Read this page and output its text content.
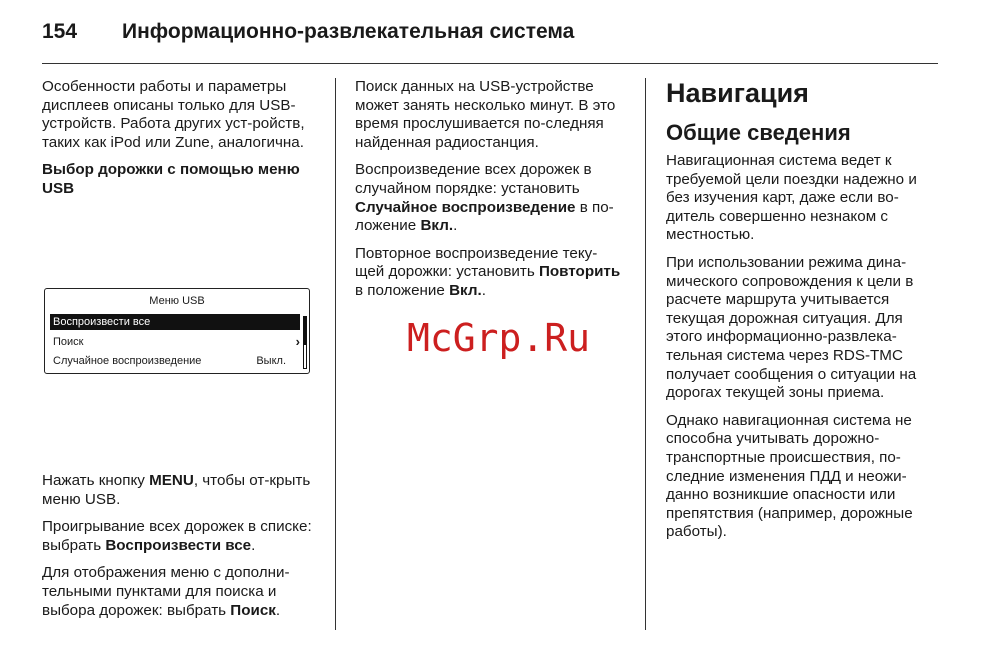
154 Информационно-развлекательная система

Особенности работы и параметры дисплеев описаны только для USB-устройств. Работа других уст-ройств, таких как iPod или Zune, аналогична.

Выбор дорожки с помощью меню USB

Меню USB
Воспроизвести все
Поиск	›
Случайное воспроизведение	Выкл.

Нажать кнопку MENU, чтобы от-крыть меню USB.

Проигрывание всех дорожек в списке: выбрать Воспроизвести все.

Для отображения меню с дополни-тельными пунктами для поиска и выбора дорожек: выбрать Поиск.

Поиск данных на USB-устройстве может занять несколько минут. В это время прослушивается по-следняя найденная радиостанция.

Воспроизведение всех дорожек в случайном порядке: установить Случайное воспроизведение в по-ложение Вкл..

Повторное воспроизведение теку-щей дорожки: установить Повторить в положение Вкл..

Навигация
Общие сведения

Навигационная система ведет к требуемой цели поездки надежно и без изучения карт, даже если во-дитель совершенно незнаком с местностью.

При использовании режима дина-мического сопровождения к цели в расчете маршрута учитывается текущая дорожная ситуация. Для этого информационно-развлека-тельная система через RDS-TMC получает сообщения о ситуации на дорогах текущей зоны приема.

Однако навигационная система не способна учитывать дорожно-транспортные происшествия, по-следние изменения ПДД и неожи-данно возникшие опасности или препятствия (например, дорожные работы).

McGrp.Ru
